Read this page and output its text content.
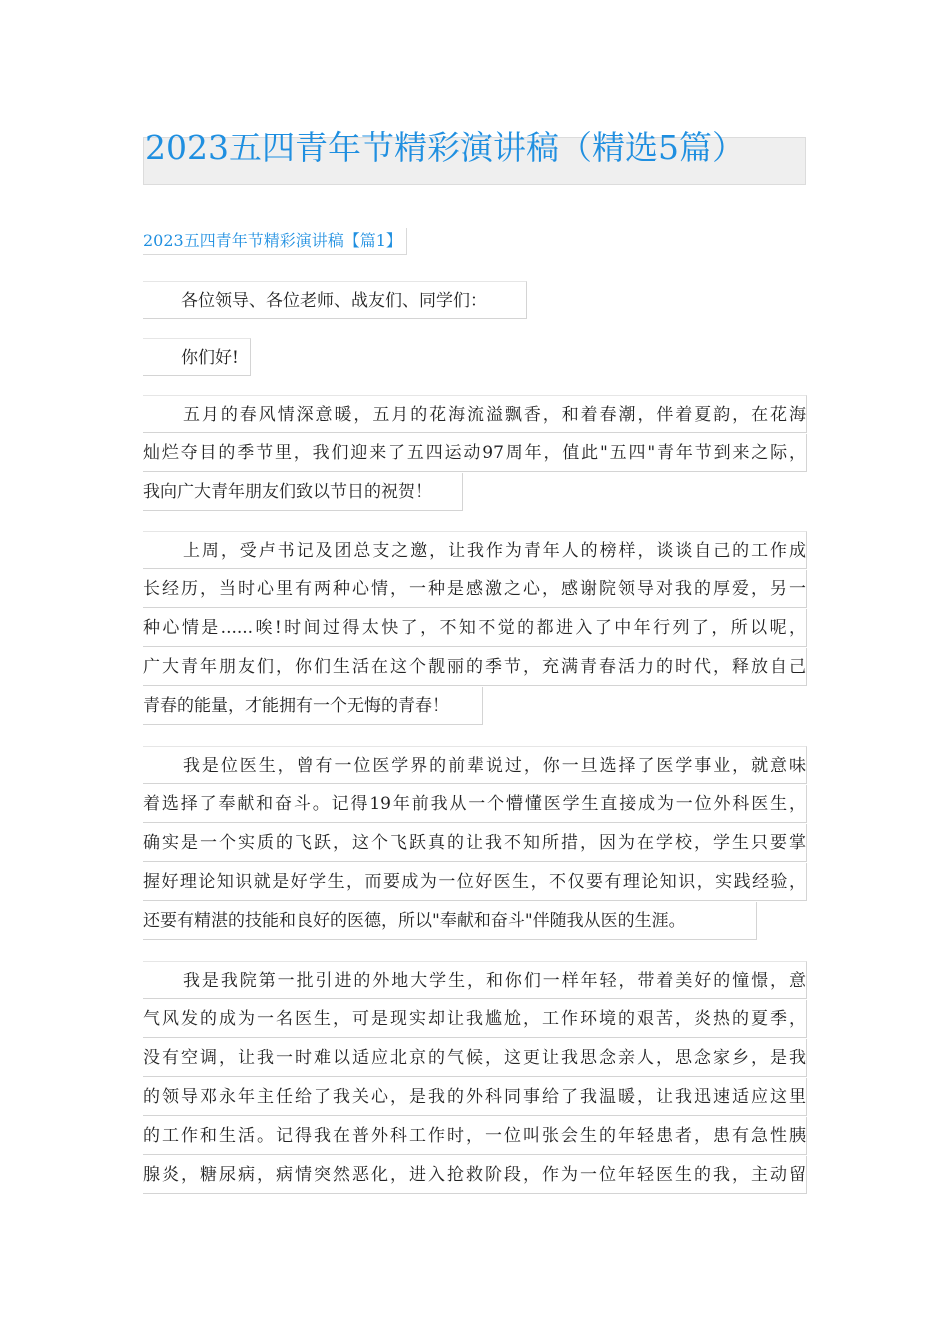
2023五四青年节精彩演讲稿（精选5篇）
2023五四青年节精彩演讲稿【篇1】
各位领导、各位老师、战友们、同学们：
你们好!
五月的春风情深意暖，五月的花海流溢飘香，和着春潮，伴着夏韵，在花海
灿烂夺目的季节里，我们迎来了五四运动97周年，值此"五四"青年节到来之际，
我向广大青年朋友们致以节日的祝贺！
上周，受卢书记及团总支之邀，让我作为青年人的榜样，谈谈自己的工作成
长经历，当时心里有两种心情，一种是感激之心，感谢院领导对我的厚爱，另一
种心情是......唉!时间过得太快了，不知不觉的都进入了中年行列了，所以呢，
广大青年朋友们，你们生活在这个靓丽的季节，充满青春活力的时代，释放自己
青春的能量，才能拥有一个无悔的青春！
我是位医生，曾有一位医学界的前辈说过，你一旦选择了医学事业，就意味
着选择了奉献和奋斗。记得19年前我从一个懵懂医学生直接成为一位外科医生，
确实是一个实质的飞跃，这个飞跃真的让我不知所措，因为在学校，学生只要掌
握好理论知识就是好学生，而要成为一位好医生，不仅要有理论知识，实践经验，
还要有精湛的技能和良好的医德，所以"奉献和奋斗"伴随我从医的生涯。
我是我院第一批引进的外地大学生，和你们一样年轻，带着美好的憧憬，意
气风发的成为一名医生，可是现实却让我尴尬，工作环境的艰苦，炎热的夏季，
没有空调，让我一时难以适应北京的气候，这更让我思念亲人，思念家乡，是我
的领导邓永年主任给了我关心，是我的外科同事给了我温暖，让我迅速适应这里
的工作和生活。记得我在普外科工作时，一位叫张会生的年轻患者，患有急性胰
腺炎，糖尿病，病情突然恶化，进入抢救阶段，作为一位年轻医生的我，主动留
